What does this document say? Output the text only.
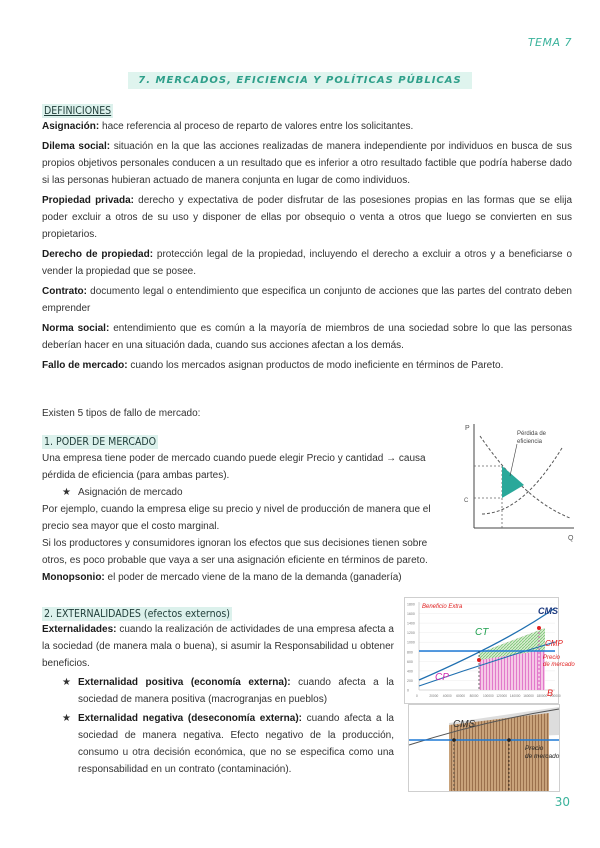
TEMA 7
7. MERCADOS, EFICIENCIA Y POLÍTICAS PÚBLICAS
DEFINICIONES
Asignación: hace referencia al proceso de reparto de valores entre los solicitantes.
Dilema social: situación en la que las acciones realizadas de manera independiente por individuos en busca de sus propios objetivos personales conducen a un resultado que es inferior a otro resultado factible que podría haberse dado si las personas hubieran actuado de manera conjunta en lugar de como individuos.
Propiedad privada: derecho y expectativa de poder disfrutar de las posesiones propias en las formas que se elija poder excluir a otros de su uso y disponer de ellas por obsequio o venta a otros que luego se convierten en sus propietarios.
Derecho de propiedad: protección legal de la propiedad, incluyendo el derecho a excluir a otros y a beneficiarse o vender la propiedad que se posee.
Contrato: documento legal o entendimiento que especifica un conjunto de acciones que las partes del contrato deben emprender
Norma social: entendimiento que es común a la mayoría de miembros de una sociedad sobre lo que las personas deberían hacer en una situación dada, cuando sus acciones afectan a los demás.
Fallo de mercado: cuando los mercados asignan productos de modo ineficiente en términos de Pareto.
Existen 5 tipos de fallo de mercado:
1. PODER DE MERCADO
Una empresa tiene poder de mercado cuando puede elegir Precio y cantidad → causa pérdida de eficiencia (para ambas partes).
★ Asignación de mercado
Por ejemplo, cuando la empresa elige su precio y nivel de producción de manera que el precio sea mayor que el costo marginal.
Si los productores y consumidores ignoran los efectos que sus decisiones tienen sobre otros, es poco probable que vaya a ser una asignación eficiente en términos de pareto.
Monopsonio: el poder de mercado viene de la mano de la demanda (ganadería)
P
Q
Pérdida de
eficiencia
C
2. EXTERNALIDADES (efectos externos)
Externalidades: cuando la realización de actividades de una empresa afecta a la sociedad (de manera mala o buena), si asumir la Responsabilidad u obtener beneficios.
★ Externalidad positiva (economía externa): cuando afecta a la sociedad de manera positiva (macrogranjas en pueblos)
★ Externalidad negativa (deseconomía externa): cuando afecta a la sociedad de manera negativa. Efecto negativo de la producción, consumo u otra decisión económica, que no se especifica como una responsabilidad en un contrato (contaminación).
1800
1600
1400
1200
1000
800
600
400
200
0
0	20000 40000 60000 80000 100000 120000 140000 160000 180000 200000
Beneficio Extra	CMS
CT
CMP
CP
Precio
de mercado
B
CMS
Precio
de mercado
30
